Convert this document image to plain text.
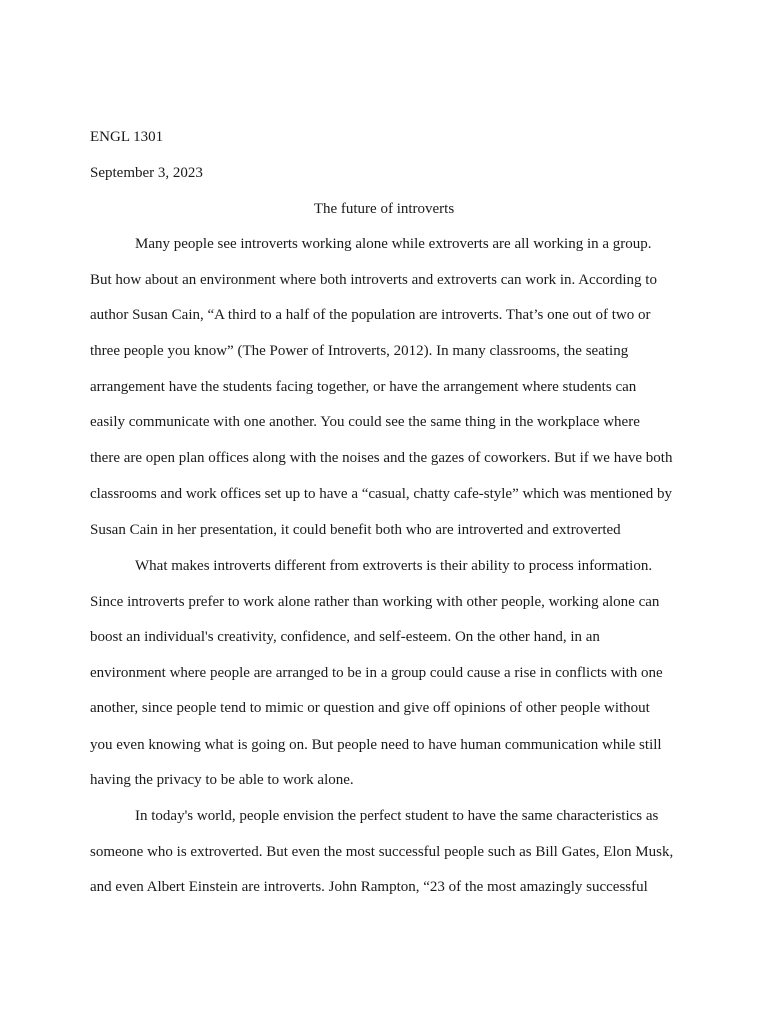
ENGL 1301
September 3, 2023
The future of introverts
Many people see introverts working alone while extroverts are all working in a group.
But how about an environment where both introverts and extroverts can work in. According to
author Susan Cain, “A third to a half of the population are introverts. That’s one out of two or
three people you know” (The Power of Introverts, 2012). In many classrooms, the seating
arrangement have the students facing together, or have the arrangement where students can
easily communicate with one another. You could see the same thing in the workplace where
there are open plan offices along with the noises and the gazes of coworkers. But if we have both
classrooms and work offices set up to have a “casual, chatty cafe-style” which was mentioned by
Susan Cain in her presentation, it could benefit both who are introverted and extroverted
What makes introverts different from extroverts is their ability to process information.
Since introverts prefer to work alone rather than working with other people, working alone can
boost an individual's creativity, confidence, and self-esteem. On the other hand, in an
environment where people are arranged to be in a group could cause a rise in conflicts with one
another, since people tend to mimic or question and give off opinions of other people without
you even knowing what is going on. But people need to have human communication while still
having the privacy to be able to work alone.
In today's world, people envision the perfect student to have the same characteristics as
someone who is extroverted. But even the most successful people such as Bill Gates, Elon Musk,
and even Albert Einstein are introverts. John Rampton, “23 of the most amazingly successful
